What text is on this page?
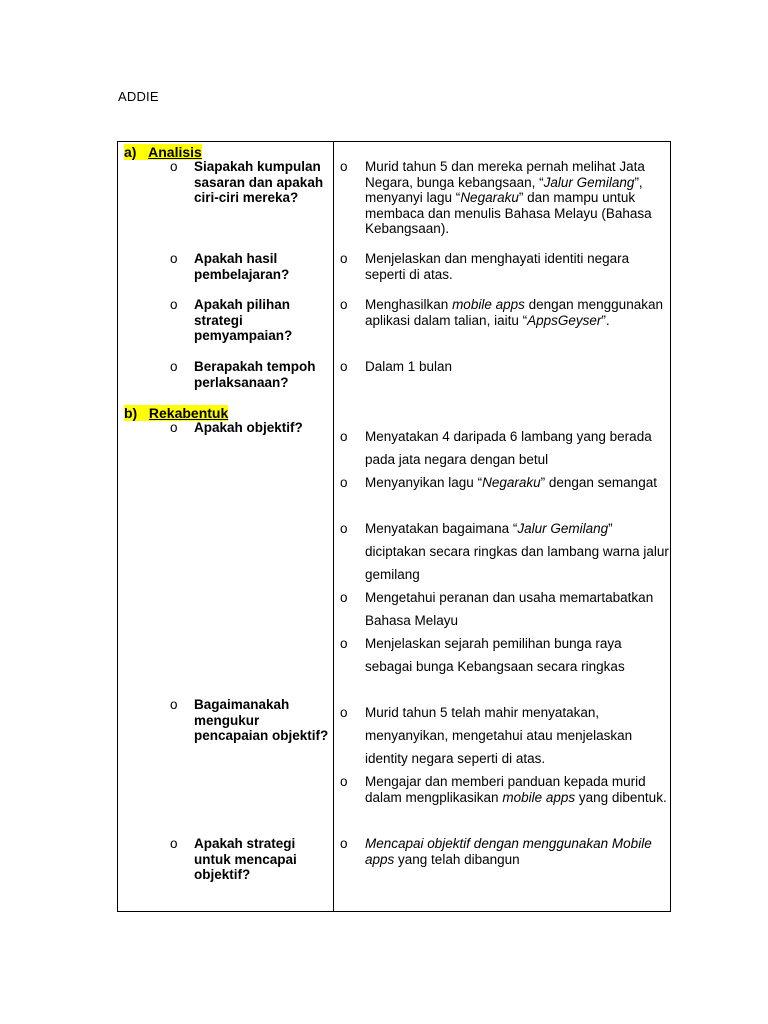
ADDIE
a) Analisis
o Siapakah kumpulan sasaran dan apakah ciri-ciri mereka?
o Apakah hasil pembelajaran?
o Apakah pilihan strategi pemyampaian?
o Berapakah tempoh perlaksanaan?
b) Rekabentuk
o Apakah objektif?
o Bagaimanakah mengukur pencapaian objektif?
o Apakah strategi untuk mencapai objektif?
o Murid tahun 5 dan mereka pernah melihat Jata Negara, bunga kebangsaan, “Jalur Gemilang”, menyanyi lagu “Negaraku” dan mampu untuk membaca dan menulis Bahasa Melayu (Bahasa Kebangsaan).
o Menjelaskan dan menghayati identiti negara seperti di atas.
o Menghasilkan mobile apps dengan menggunakan aplikasi dalam talian, iaitu “AppsGeyser”.
o Dalam 1 bulan
o Menyatakan 4 daripada 6 lambang yang berada pada jata negara dengan betul
o Menyanyikan lagu “Negaraku” dengan semangat
o Menyatakan bagaimana “Jalur Gemilang” diciptakan secara ringkas dan lambang warna jalur gemilang
o Mengetahui peranan dan usaha memartabatkan Bahasa Melayu
o Menjelaskan sejarah pemilihan bunga raya sebagai bunga Kebangsaan secara ringkas
o Murid tahun 5 telah mahir menyatakan, menyanyikan, mengetahui atau menjelaskan identity negara seperti di atas.
o Mengajar dan memberi panduan kepada murid dalam mengplikasikan mobile apps yang dibentuk.
o Mencapai objektif dengan menggunakan Mobile apps yang telah dibangun
